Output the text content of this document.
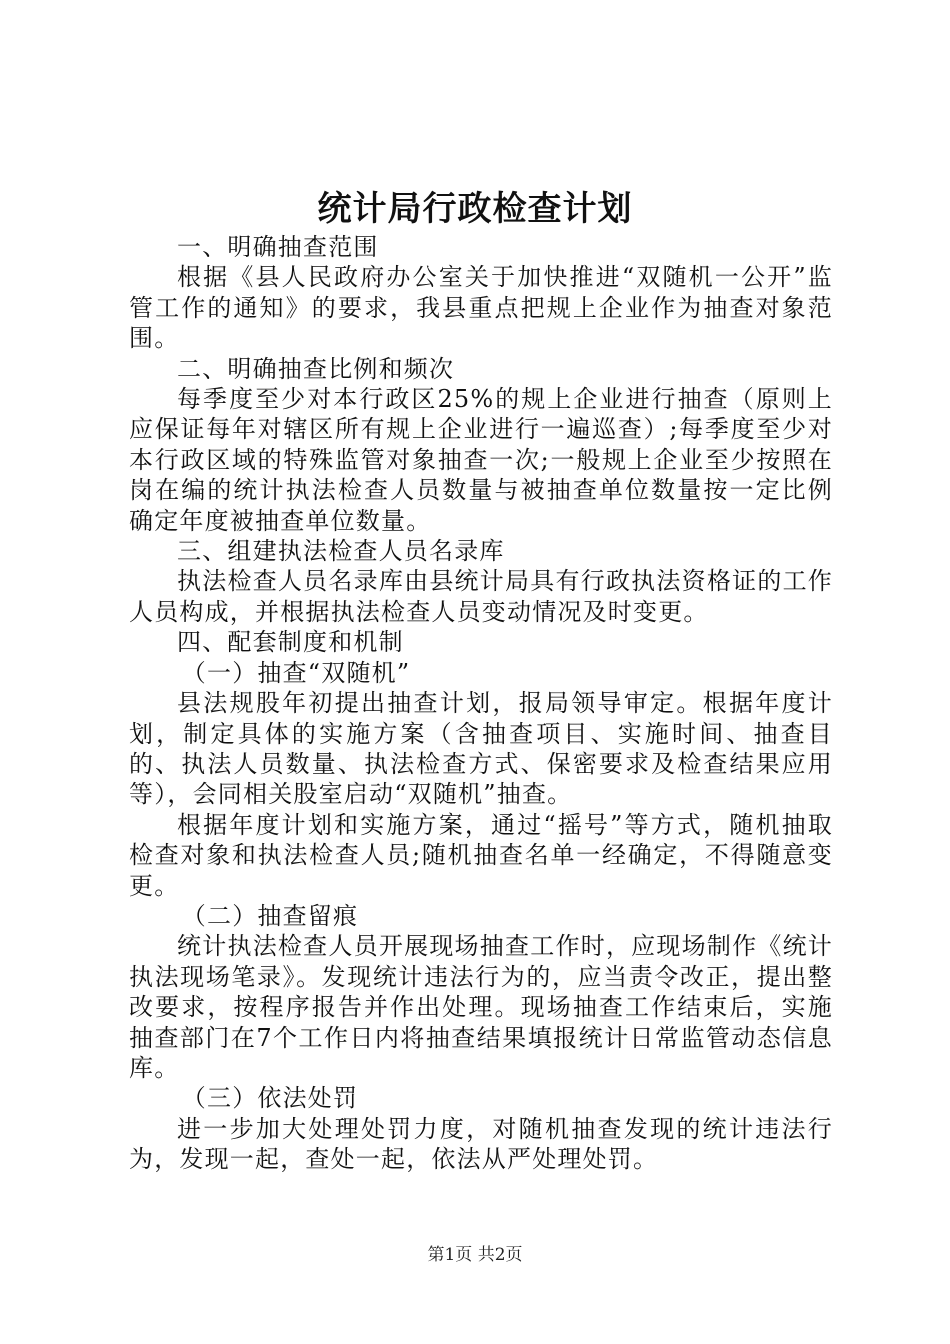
统计局行政检查计划

一、明确抽查范围

根据《县人民政府办公室关于加快推进“双随机一公开”监管工作的通知》的要求，我县重点把规上企业作为抽查对象范围。

二、明确抽查比例和频次

每季度至少对本行政区25%的规上企业进行抽查（原则上应保证每年对辖区所有规上企业进行一遍巡查）;每季度至少对本行政区域的特殊监管对象抽查一次;一般规上企业至少按照在岗在编的统计执法检查人员数量与被抽查单位数量按一定比例确定年度被抽查单位数量。

三、组建执法检查人员名录库

执法检查人员名录库由县统计局具有行政执法资格证的工作人员构成，并根据执法检查人员变动情况及时变更。

四、配套制度和机制

（一）抽查“双随机”

县法规股年初提出抽查计划，报局领导审定。根据年度计划，制定具体的实施方案（含抽查项目、实施时间、抽查目的、执法人员数量、执法检查方式、保密要求及检查结果应用等），会同相关股室启动“双随机”抽查。

根据年度计划和实施方案，通过“摇号”等方式，随机抽取检查对象和执法检查人员;随机抽查名单一经确定，不得随意变更。

（二）抽查留痕

统计执法检查人员开展现场抽查工作时，应现场制作《统计执法现场笔录》。发现统计违法行为的，应当责令改正，提出整改要求，按程序报告并作出处理。现场抽查工作结束后，实施抽查部门在7个工作日内将抽查结果填报统计日常监管动态信息库。

（三）依法处罚

进一步加大处理处罚力度，对随机抽查发现的统计违法行为，发现一起，查处一起，依法从严处理处罚。

第1页 共2页
